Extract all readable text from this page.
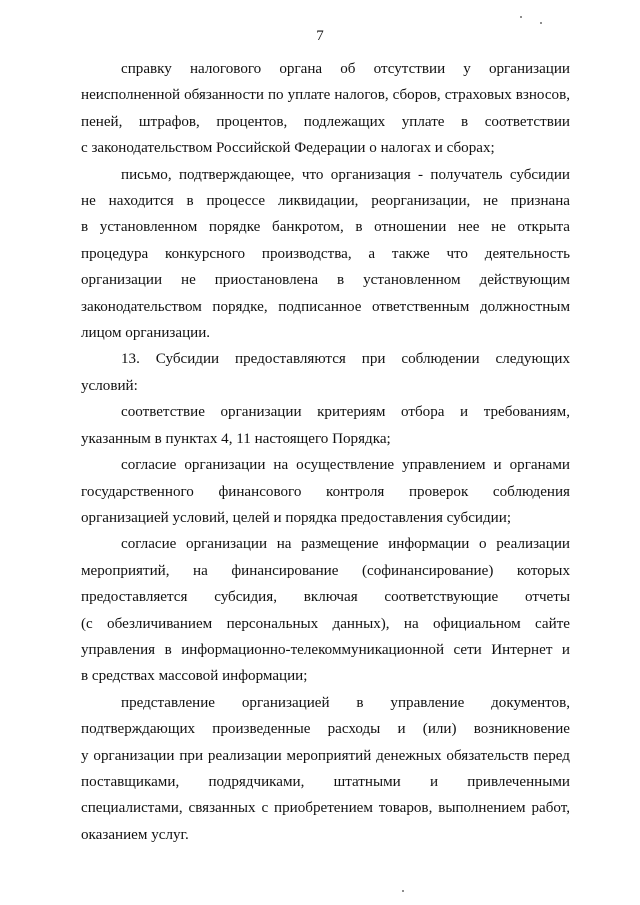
7

справку налогового органа об отсутствии у организации
неисполненной обязанности по уплате налогов, сборов, страховых взносов,
пеней, штрафов, процентов, подлежащих уплате в соответствии
с законодательством Российской Федерации о налогах и сборах;

письмо, подтверждающее, что организация - получатель субсидии
не находится в процессе ликвидации, реорганизации, не признана
в установленном порядке банкротом, в отношении нее не открыта
процедура конкурсного производства, а также что деятельность
организации не приостановлена в установленном действующим
законодательством порядке, подписанное ответственным должностным
лицом организации.

13. Субсидии предоставляются при соблюдении следующих
условий:

соответствие организации критериям отбора и требованиям,
указанным в пунктах 4, 11 настоящего Порядка;

согласие организации на осуществление управлением и органами
государственного финансового контроля проверок соблюдения
организацией условий, целей и порядка предоставления субсидии;

согласие организации на размещение информации о реализации
мероприятий, на финансирование (софинансирование) которых
предоставляется субсидия, включая соответствующие отчеты
(с обезличиванием персональных данных), на официальном сайте
управления в информационно-телекоммуникационной сети Интернет и
в средствах массовой информации;

представление организацией в управление документов,
подтверждающих произведенные расходы и (или) возникновение
у организации при реализации мероприятий денежных обязательств перед
поставщиками, подрядчиками, штатными и привлеченными
специалистами, связанных с приобретением товаров, выполнением работ,
оказанием услуг.
